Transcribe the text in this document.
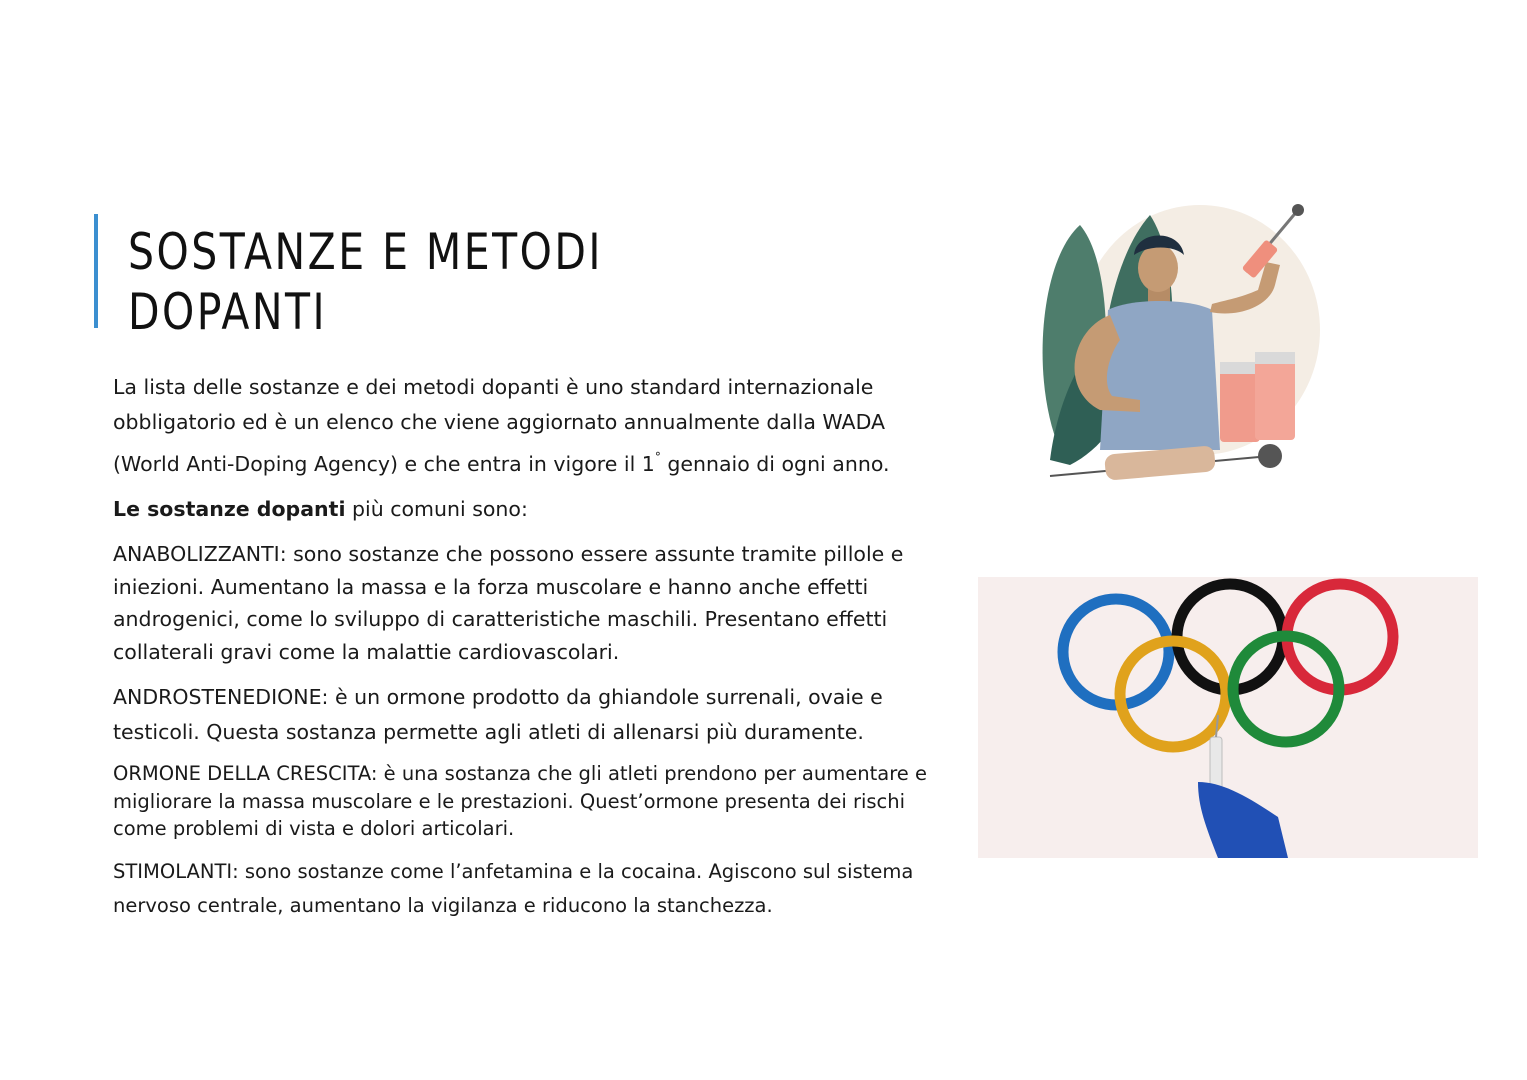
SOSTANZE E METODI
DOPANTI

La lista delle sostanze e dei metodi dopanti è uno standard internazionale
obbligatorio ed è un elenco che viene aggiornato annualmente dalla WADA
(World Anti-Doping Agency) e che entra in vigore il 1° gennaio di ogni anno.

Le sostanze dopanti più comuni sono:

ANABOLIZZANTI: sono sostanze che possono essere assunte tramite pillole e
iniezioni. Aumentano la massa e la forza muscolare e hanno anche effetti
androgenici, come lo sviluppo di caratteristiche maschili. Presentano effetti
collaterali gravi come la malattie cardiovascolari.

ANDROSTENEDIONE: è un ormone prodotto da ghiandole surrenali, ovaie e
testicoli. Questa sostanza permette agli atleti di allenarsi più duramente.

ORMONE DELLA CRESCITA: è una sostanza che gli atleti prendono per aumentare e
migliorare la massa muscolare e le prestazioni. Quest’ormone presenta dei rischi
come problemi di vista e dolori articolari.

STIMOLANTI: sono sostanze come l’anfetamina e la cocaina. Agiscono sul sistema
nervoso centrale, aumentano la vigilanza e riducono la stanchezza.
